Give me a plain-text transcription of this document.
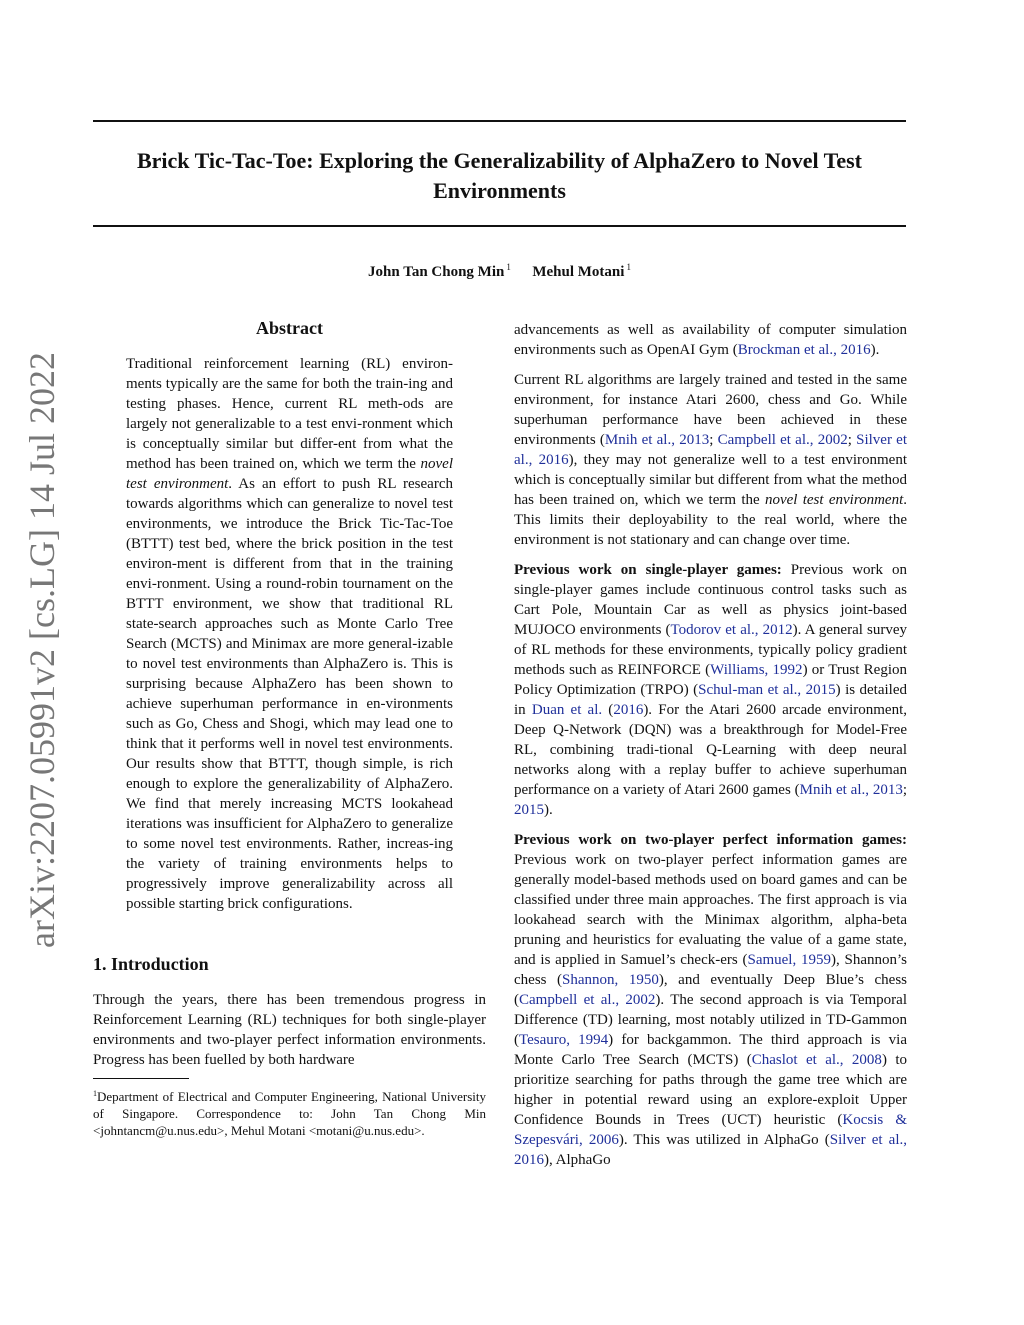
Brick Tic-Tac-Toe: Exploring the Generalizability of AlphaZero to Novel Test Environments
John Tan Chong Min $^1$ Mehul Motani $^1$
arXiv:2207.05991v2 [cs.LG] 14 Jul 2022
Abstract

Traditional reinforcement learning (RL) environ-ments typically are the same for both the train-ing and testing phases. Hence, current RL meth-ods are largely not generalizable to a test envi-ronment which is conceptually similar but differ-ent from what the method has been trained on, which we term the novel test environment. As an effort to push RL research towards algorithms which can generalize to novel test environments, we introduce the Brick Tic-Tac-Toe (BTTT) test bed, where the brick position in the test environ-ment is different from that in the training envi-ronment. Using a round-robin tournament on the BTTT environment, we show that traditional RL state-search approaches such as Monte Carlo Tree Search (MCTS) and Minimax are more general-izable to novel test environments than AlphaZero is. This is surprising because AlphaZero has been shown to achieve superhuman performance in en-vironments such as Go, Chess and Shogi, which may lead one to think that it performs well in novel test environments. Our results show that BTTT, though simple, is rich enough to explore the generalizability of AlphaZero. We find that merely increasing MCTS lookahead iterations was insufficient for AlphaZero to generalize to some novel test environments. Rather, increas-ing the variety of training environments helps to progressively improve generalizability across all possible starting brick configurations.

1. Introduction

Through the years, there has been tremendous progress in Reinforcement Learning (RL) techniques for both single-player environments and two-player perfect information environments. Progress has been fuelled by both hardware

$^1$Department of Electrical and Computer Engineering, National University of Singapore. Correspondence to: John Tan Chong Min <johntancm@u.nus.edu>, Mehul Motani <motani@u.nus.edu>.

advancements as well as availability of computer simulation environments such as OpenAI Gym (Brockman et al., 2016).

Current RL algorithms are largely trained and tested in the same environment, for instance Atari 2600, chess and Go. While superhuman performance have been achieved in these environments (Mnih et al., 2013; Campbell et al., 2002; Silver et al., 2016), they may not generalize well to a test environment which is conceptually similar but different from what the method has been trained on, which we term the novel test environment. This limits their deployability to the real world, where the environment is not stationary and can change over time.

Previous work on single-player games: Previous work on single-player games include continuous control tasks such as Cart Pole, Mountain Car as well as physics joint-based MUJOCO environments (Todorov et al., 2012). A general survey of RL methods for these environments, typically policy gradient methods such as REINFORCE (Williams, 1992) or Trust Region Policy Optimization (TRPO) (Schul-man et al., 2015) is detailed in Duan et al. (2016). For the Atari 2600 arcade environment, Deep Q-Network (DQN) was a breakthrough for Model-Free RL, combining tradi-tional Q-Learning with deep neural networks along with a replay buffer to achieve superhuman performance on a variety of Atari 2600 games (Mnih et al., 2013; 2015).

Previous work on two-player perfect information games: Previous work on two-player perfect information games are generally model-based methods used on board games and can be classified under three main approaches. The first approach is via lookahead search with the Minimax algorithm, alpha-beta pruning and heuristics for evaluating the value of a game state, and is applied in Samuel’s check-ers (Samuel, 1959), Shannon’s chess (Shannon, 1950), and eventually Deep Blue’s chess (Campbell et al., 2002). The second approach is via Temporal Difference (TD) learning, most notably utilized in TD-Gammon (Tesauro, 1994) for backgammon. The third approach is via Monte Carlo Tree Search (MCTS) (Chaslot et al., 2008) to prioritize searching for paths through the game tree which are higher in potential reward using an explore-exploit Upper Confidence Bounds in Trees (UCT) heuristic (Kocsis & Szepesvári, 2006). This was utilized in AlphaGo (Silver et al., 2016), AlphaGo
